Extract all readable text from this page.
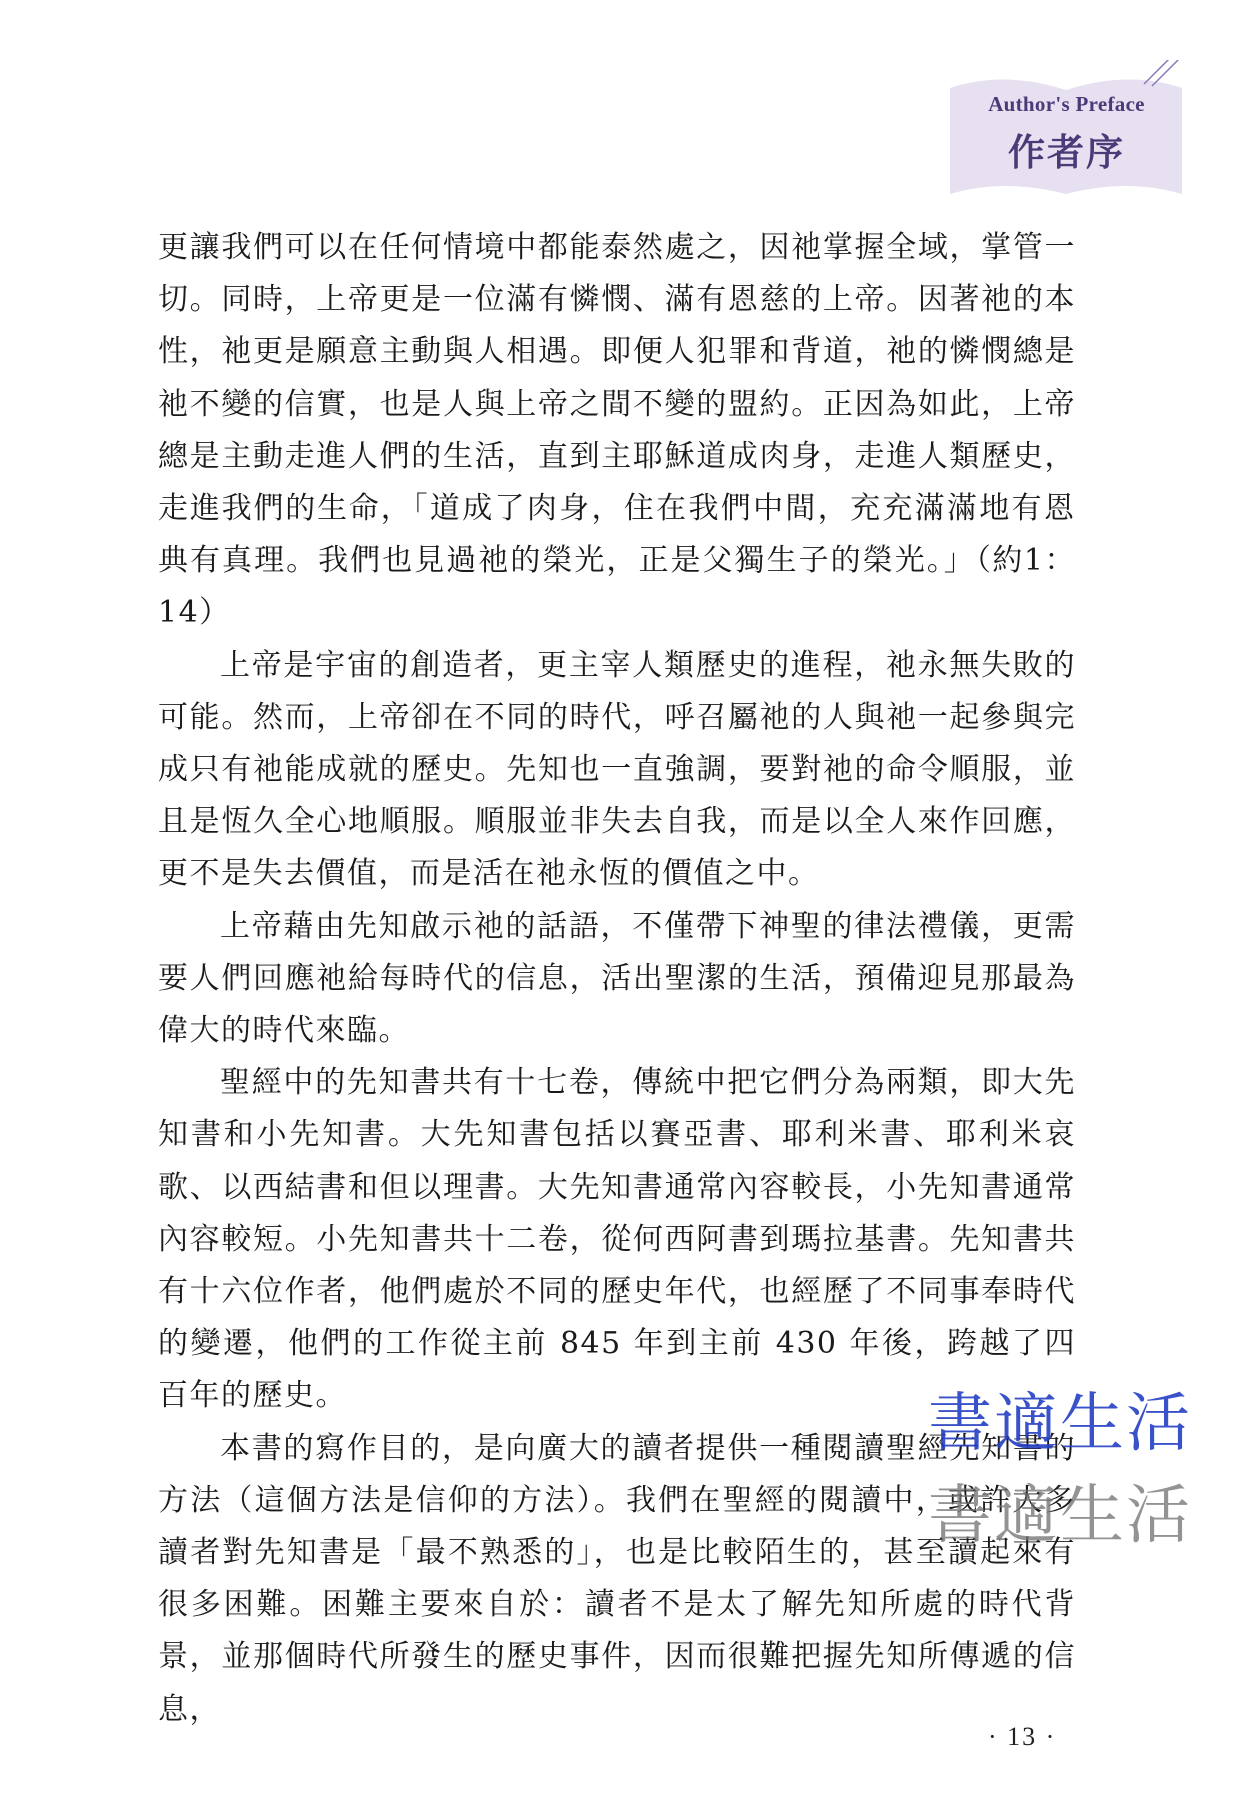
Author's Preface
作者序

更讓我們可以在任何情境中都能泰然處之，因祂掌握全域，掌管一切。同時，上帝更是一位滿有憐憫、滿有恩慈的上帝。因著祂的本性，祂更是願意主動與人相遇。即便人犯罪和背道，祂的憐憫總是祂不變的信實，也是人與上帝之間不變的盟約。正因為如此，上帝總是主動走進人們的生活，直到主耶穌道成肉身，走進人類歷史，走進我們的生命，「道成了肉身，住在我們中間，充充滿滿地有恩典有真理。我們也見過祂的榮光，正是父獨生子的榮光。」（約1：14）

上帝是宇宙的創造者，更主宰人類歷史的進程，祂永無失敗的可能。然而，上帝卻在不同的時代，呼召屬祂的人與祂一起參與完成只有祂能成就的歷史。先知也一直強調，要對祂的命令順服，並且是恆久全心地順服。順服並非失去自我，而是以全人來作回應，更不是失去價值，而是活在祂永恆的價值之中。

上帝藉由先知啟示祂的話語，不僅帶下神聖的律法禮儀，更需要人們回應祂給每時代的信息，活出聖潔的生活，預備迎見那最為偉大的時代來臨。

聖經中的先知書共有十七卷，傳統中把它們分為兩類，即大先知書和小先知書。大先知書包括以賽亞書、耶利米書、耶利米哀歌、以西結書和但以理書。大先知書通常內容較長，小先知書通常內容較短。小先知書共十二卷，從何西阿書到瑪拉基書。先知書共有十六位作者，他們處於不同的歷史年代，也經歷了不同事奉時代的變遷，他們的工作從主前 845 年到主前 430 年後，跨越了四百年的歷史。

本書的寫作目的，是向廣大的讀者提供一種閱讀聖經先知書的方法（這個方法是信仰的方法）。我們在聖經的閱讀中，或許大多讀者對先知書是「最不熟悉的」，也是比較陌生的，甚至讀起來有很多困難。困難主要來自於：讀者不是太了解先知所處的時代背景，並那個時代所發生的歷史事件，因而很難把握先知所傳遞的信息，

書適生活
書適生活
· 13 ·
